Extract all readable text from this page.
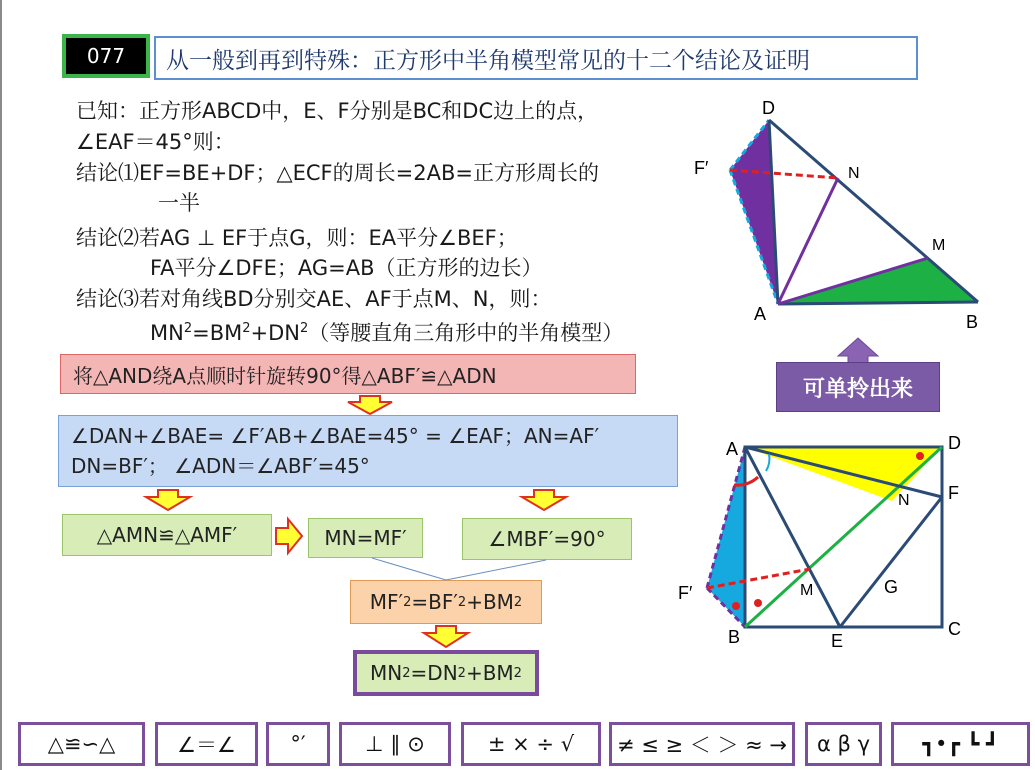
077	从一般到再到特殊：正方形中半角模型常见的十二个结论及证明
已知：正方形ABCD中，E、F分别是BC和DC边上的点，
∠EAF＝45°则：
结论⑴EF=BE+DF；△ECF的周长=2AB=正方形周长的
一半
结论⑵若AG ⊥ EF于点G，则：EA平分∠BEF；
FA平分∠DFE；AG=AB（正方形的边长）
结论⑶若对角线BD分别交AE、AF于点M、N，则：
$MN^2=BM^2+DN^2$（等腰直角三角形中的半角模型）
将△AND绕A点顺时针旋转90°得△ABF′≌△ADN
∠DAN+∠BAE= ∠F′AB+∠BAE=45° = ∠EAF；AN=AF′
DN=BF′； ∠ADN＝∠ABF′=45°
△AMN≌△AMF′	MN=MF′	∠MBF′=90°
MF′ 2 =BF′ 2 +BM 2
MN 2 =DN 2 +BM 2
可单拎出来
D
F′	N
M
A	B
A	D
N F
M	G
F′
B	E
C
△≌∽△	∠＝∠	°′	⊥ ∥ ⊙	± × ÷ √	≠ ≤ ≥ ＜ ＞ ≈ →	α β γ	┓•┏ ┗ ┛
